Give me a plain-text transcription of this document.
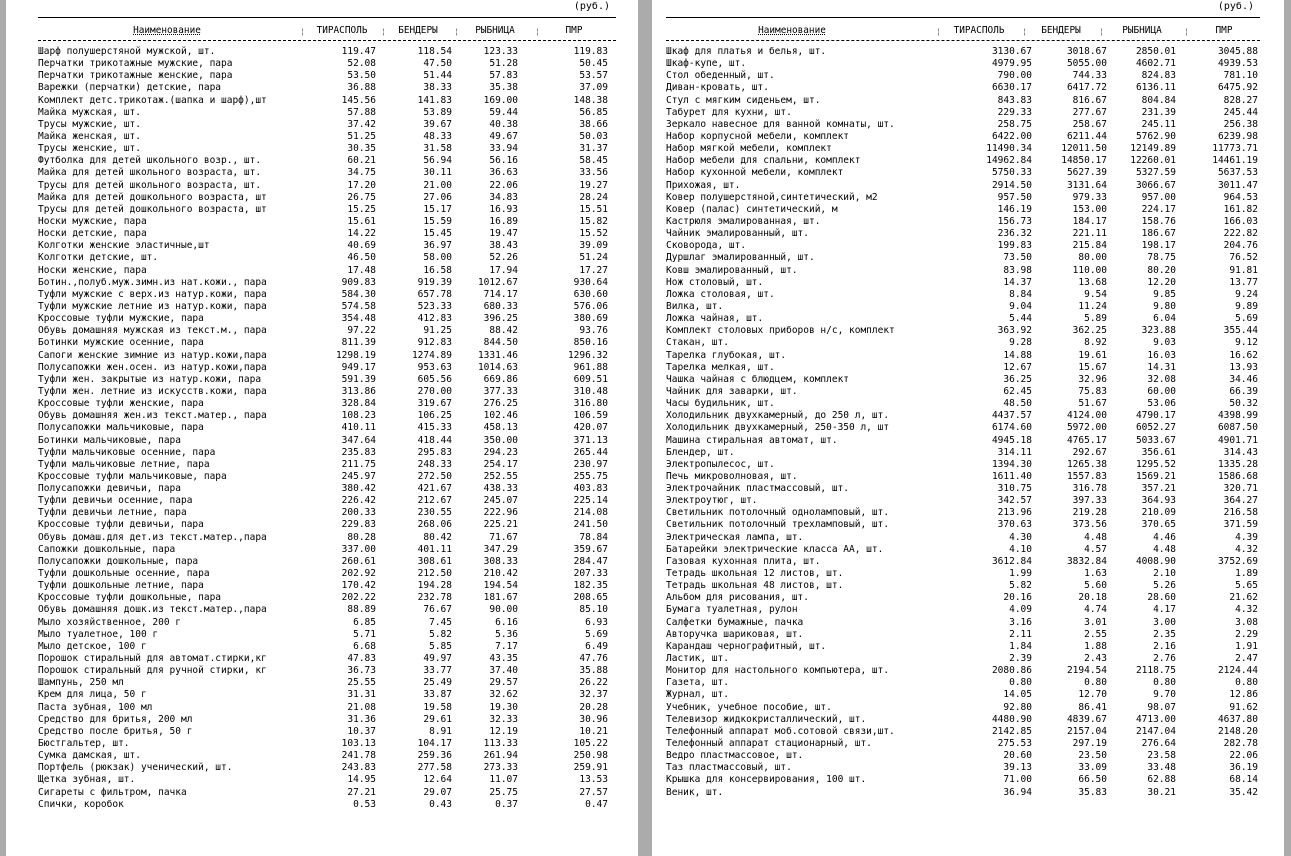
(руб.)
Наименование	¦	ТИРАСПОЛЬ	¦	БЕНДЕРЫ	¦	РЫБНИЦА	¦	ПМР
Шарф полушерстяной мужской, шт.	119.47	118.54	123.33	119.83
Перчатки трикотажные мужские, пара	52.08	47.50	51.28	50.45
Перчатки трикотажные женские, пара	53.50	51.44	57.83	53.57
Варежки (перчатки) детские, пара	36.88	38.33	35.38	37.09
Комплект детс.трикотаж.(шапка и шарф),шт	145.56	141.83	169.00	148.38
Майка мужская, шт.	57.88	53.89	59.44	56.85
Трусы мужские, шт.	37.42	39.67	40.38	38.66
Майка женская, шт.	51.25	48.33	49.67	50.03
Трусы женские, шт.	30.35	31.58	33.94	31.37
Футболка для детей школьного возр., шт.	60.21	56.94	56.16	58.45
Майка для детей школьного возраста, шт.	34.75	30.11	36.63	33.56
Трусы для детей школьного возраста, шт.	17.20	21.00	22.06	19.27
Майка для детей дошкольного возраста, шт	26.75	27.06	34.83	28.24
Трусы для детей дошкольного возраста, шт	15.25	15.17	16.93	15.51
Носки мужские, пара	15.61	15.59	16.89	15.82
Носки детские, пара	14.22	15.45	19.47	15.52
Колготки женские эластичные,шт	40.69	36.97	38.43	39.09
Колготки детские, шт.	46.50	58.00	52.26	51.24
Носки женские, пара	17.48	16.58	17.94	17.27
Ботин.,полуб.муж.зимн.из нат.кожи., пара	909.83	919.39	1012.67	930.64
Туфли мужские с верх.из натур.кожи, пара	584.30	657.78	714.17	630.60
Туфли мужские летние из натур.кожи, пара	574.58	523.33	680.33	576.06
Кроссовые туфли мужские, пара	354.48	412.83	396.25	380.69
Обувь домашняя мужская из текст.м., пара	97.22	91.25	88.42	93.76
Ботинки мужские осенние, пара	811.39	912.83	844.50	850.16
Сапоги женские зимние из натур.кожи,пара	1298.19	1274.89	1331.46	1296.32
Полусапожки жен.осен. из натур.кожи,пара	949.17	953.63	1014.63	961.88
Туфли жен. закрытые из натур.кожи, пара	591.39	605.56	669.86	609.51
Туфли жен. летние из искусств.кожи, пара	313.86	270.00	377.33	310.48
Кроссовые туфли женские, пара	328.84	319.67	276.25	316.80
Обувь домашняя жен.из текст.матер., пара	108.23	106.25	102.46	106.59
Полусапожки мальчиковые, пара	410.11	415.33	458.13	420.07
Ботинки мальчиковые, пара	347.64	418.44	350.00	371.13
Туфли мальчиковые осенние, пара	235.83	295.83	294.23	265.44
Туфли мальчиковые летние, пара	211.75	248.33	254.17	230.97
Кроссовые туфли мальчиковые, пара	245.97	272.50	252.55	255.75
Полусапожки девичьи, пара	380.42	421.67	438.33	403.83
Туфли девичьи осенние, пара	226.42	212.67	245.07	225.14
Туфли девичьи летние, пара	200.33	230.55	222.96	214.08
Кроссовые туфли девичьи, пара	229.83	268.06	225.21	241.50
Обувь домаш.для дет.из текст.матер.,пара	80.28	80.42	71.67	78.84
Сапожки дошкольные, пара	337.00	401.11	347.29	359.67
Полусапожки дошкольные, пара	260.61	308.61	308.33	284.47
Туфли дошкольные осенние, пара	202.92	212.50	210.42	207.33
Туфли дошкольные летние, пара	170.42	194.28	194.54	182.35
Кроссовые туфли дошкольные, пара	202.22	232.78	181.67	208.65
Обувь домашняя дошк.из текст.матер.,пара	88.89	76.67	90.00	85.10
Мыло хозяйственное, 200 г	6.85	7.45	6.16	6.93
Мыло туалетное, 100 г	5.71	5.82	5.36	5.69
Мыло детское, 100 г	6.68	5.85	7.17	6.49
Порошок стиральный для автомат.стирки,кг	47.83	49.97	43.35	47.76
Порошок стиральный для ручной стирки, кг	36.73	33.77	37.40	35.88
Шампунь, 250 мл	25.55	25.49	29.57	26.22
Крем для лица, 50 г	31.31	33.87	32.62	32.37
Паста зубная, 100 мл	21.08	19.58	19.30	20.28
Средство для бритья, 200 мл	31.36	29.61	32.33	30.96
Средство после бритья, 50 г	10.37	8.91	12.19	10.21
Бюстгальтер, шт.	103.13	104.17	113.33	105.22
Сумка дамская, шт.	241.78	259.36	261.94	250.98
Портфель (рюкзак) ученический, шт.	243.83	277.58	273.33	259.91
Щетка зубная, шт.	14.95	12.64	11.07	13.53
Сигареты с фильтром, пачка	27.21	29.07	25.75	27.57
Спички, коробок	0.53	0.43	0.37	0.47
(руб.)
Наименование	¦	ТИРАСПОЛЬ	¦	БЕНДЕРЫ	¦	РЫБНИЦА	¦	ПМР
Шкаф для платья и белья, шт.	3130.67	3018.67	2850.01	3045.88
Шкаф-купе, шт.	4979.95	5055.00	4602.71	4939.53
Стол обеденный, шт.	790.00	744.33	824.83	781.10
Диван-кровать, шт.	6630.17	6417.72	6136.11	6475.92
Стул с мягким сиденьем, шт.	843.83	816.67	804.84	828.27
Табурет для кухни, шт.	229.33	277.67	231.39	245.44
Зеркало навесное для ванной комнаты, шт.	258.75	258.67	245.11	256.38
Набор корпусной мебели, комплект	6422.00	6211.44	5762.90	6239.98
Набор мягкой мебели, комплект	11490.34	12011.50 12149.89	11773.71
Набор мебели для спальни, комплект	14962.84	14850.17 12260.01	14461.19
Набор кухонной мебели, комплект	5750.33	5627.39	5327.59	5637.53
Прихожая, шт.	2914.50	3131.64	3066.67	3011.47
Ковер полушерстяной,синтетический, м2	957.50	979.33	957.00	964.53
Ковер (палас) синтетический, м	146.19	153.00	224.17	161.82
Кастрюля эмалированная, шт.	156.73	184.17	158.76	166.03
Чайник эмалированный, шт.	236.32	221.11	186.67	222.82
Сковорода, шт.	199.83	215.84	198.17	204.76
Дуршлаг эмалированный, шт.	73.50	80.00	78.75	76.52
Ковш эмалированный, шт.	83.98	110.00	80.20	91.81
Нож столовый, шт.	14.37	13.68	12.20	13.77
Ложка столовая, шт.	8.84	9.54	9.85	9.24
Вилка, шт.	9.04	11.24	9.80	9.89
Ложка чайная, шт.	5.44	5.89	6.04	5.69
Комплект столовых приборов н/с, комплект	363.92	362.25	323.88	355.44
Стакан, шт.	9.28	8.92	9.03	9.12
Тарелка глубокая, шт.	14.88	19.61	16.03	16.62
Тарелка мелкая, шт.	12.67	15.67	14.31	13.93
Чашка чайная с блюдцем, комплект	36.25	32.96	32.08	34.46
Чайник для заварки, шт.	62.45	75.83	60.00	66.39
Часы будильник, шт.	48.50	51.67	53.06	50.32
Холодильник двухкамерный, до 250 л, шт.	4437.57	4124.00	4790.17	4398.99
Холодильник двухкамерный, 250-350 л, шт	6174.60	5972.00	6052.27	6087.50
Машина стиральная автомат, шт.	4945.18	4765.17	5033.67	4901.71
Блендер, шт.	314.11	292.67	356.61	314.43
Электропылесос, шт.	1394.30	1265.38	1295.52	1335.28
Печь микроволновая, шт.	1611.40	1557.83	1569.21	1586.68
Электрочайник пластмассовый, шт.	310.75	316.78	357.21	320.71
Электроутюг, шт.	342.57	397.33	364.93	364.27
Светильник потолочный одноламповый, шт.	213.96	219.28	210.09	216.58
Светильник потолочный трехламповый, шт.	370.63	373.56	370.65	371.59
Электрическая лампа, шт.	4.30	4.48	4.46	4.39
Батарейки электрические класса АА, шт.	4.10	4.57	4.48	4.32
Газовая кухонная плита, шт.	3612.84	3832.84	4008.90	3752.69
Тетрадь школьная 12 листов, шт.	1.99	1.63	2.10	1.89
Тетрадь школьная 48 листов, шт.	5.82	5.60	5.26	5.65
Альбом для рисования, шт.	20.16	20.18	28.60	21.62
Бумага туалетная, рулон	4.09	4.74	4.17	4.32
Салфетки бумажные, пачка	3.16	3.01	3.00	3.08
Авторучка шариковая, шт.	2.11	2.55	2.35	2.29
Карандаш чернографитный, шт.	1.84	1.88	2.16	1.91
Ластик, шт.	2.39	2.43	2.76	2.47
Монитор для настольного компьютера, шт.	2080.86	2194.54	2118.75	2124.44
Газета, шт.	0.80	0.80	0.80	0.80
Журнал, шт.	14.05	12.70	9.70	12.86
Учебник, учебное пособие, шт.	92.80	86.41	98.07	91.62
Телевизор жидкокристаллический, шт.	4480.90	4839.67	4713.00	4637.80
Телефонный аппарат моб.сотовой связи,шт.	2142.85	2157.04	2147.04	2148.20
Телефонный аппарат стационарный, шт.	275.53	297.19	276.64	282.78
Ведро пластмассовое, шт.	20.60	23.50	23.58	22.06
Таз пластмассовый, шт.	39.13	33.09	33.48	36.19
Крышка для консервирования, 100 шт.	71.00	66.50	62.88	68.14
Веник, шт.	36.94	35.83	30.21	35.42
